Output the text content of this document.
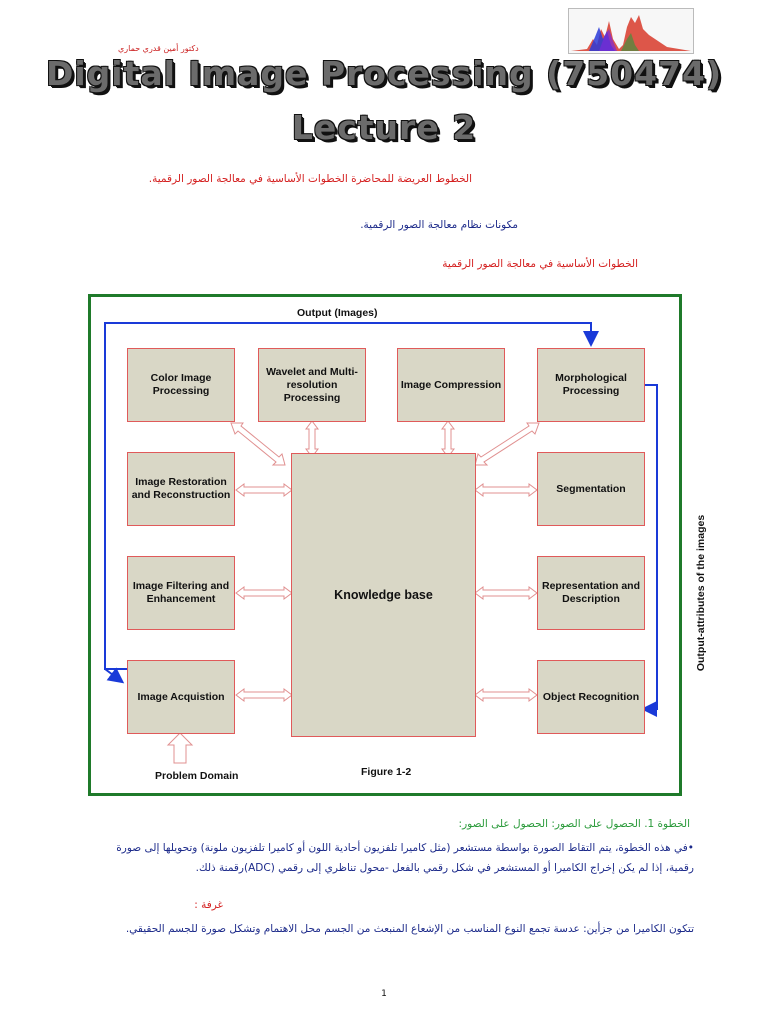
دكتور أمين قدري حماري
Digital Image Processing (750474)
Lecture 2
الخطوط العريضة للمحاضرة الخطوات الأساسية في معالجة الصور الرقمية.
مكونات نظام معالجة الصور الرقمية.
الخطوات الأساسية في معالجة الصور الرقمية
Output (Images)
Output-attributes of the images
Color Image Processing
Wavelet and Multi-resolution Processing
Image Compression
Morphological Processing
Image Restoration and Reconstruction
Segmentation
Image Filtering and Enhancement
Representation and Description
Image Acquistion	Object Recognition
Knowledge base
Problem Domain	Figure 1-2
الخطوة 1. الحصول على الصور: الحصول على الصور:
•في هذه الخطوة، يتم التقاط الصورة بواسطة مستشعر (مثل كاميرا تلفزيون أحادية اللون أو كاميرا تلفزيون ملونة) وتحويلها إلى صورة
رقمية، إذا لم يكن إخراج الكاميرا أو المستشعر في شكل رقمي بالفعل -محول تناظري إلى رقمي (ADC)رقمنة ذلك.
غرفة :
تتكون الكاميرا من جزأين: عدسة تجمع النوع المناسب من الإشعاع المنبعث من الجسم محل الاهتمام وتشكل صورة للجسم الحقيقي.
1
